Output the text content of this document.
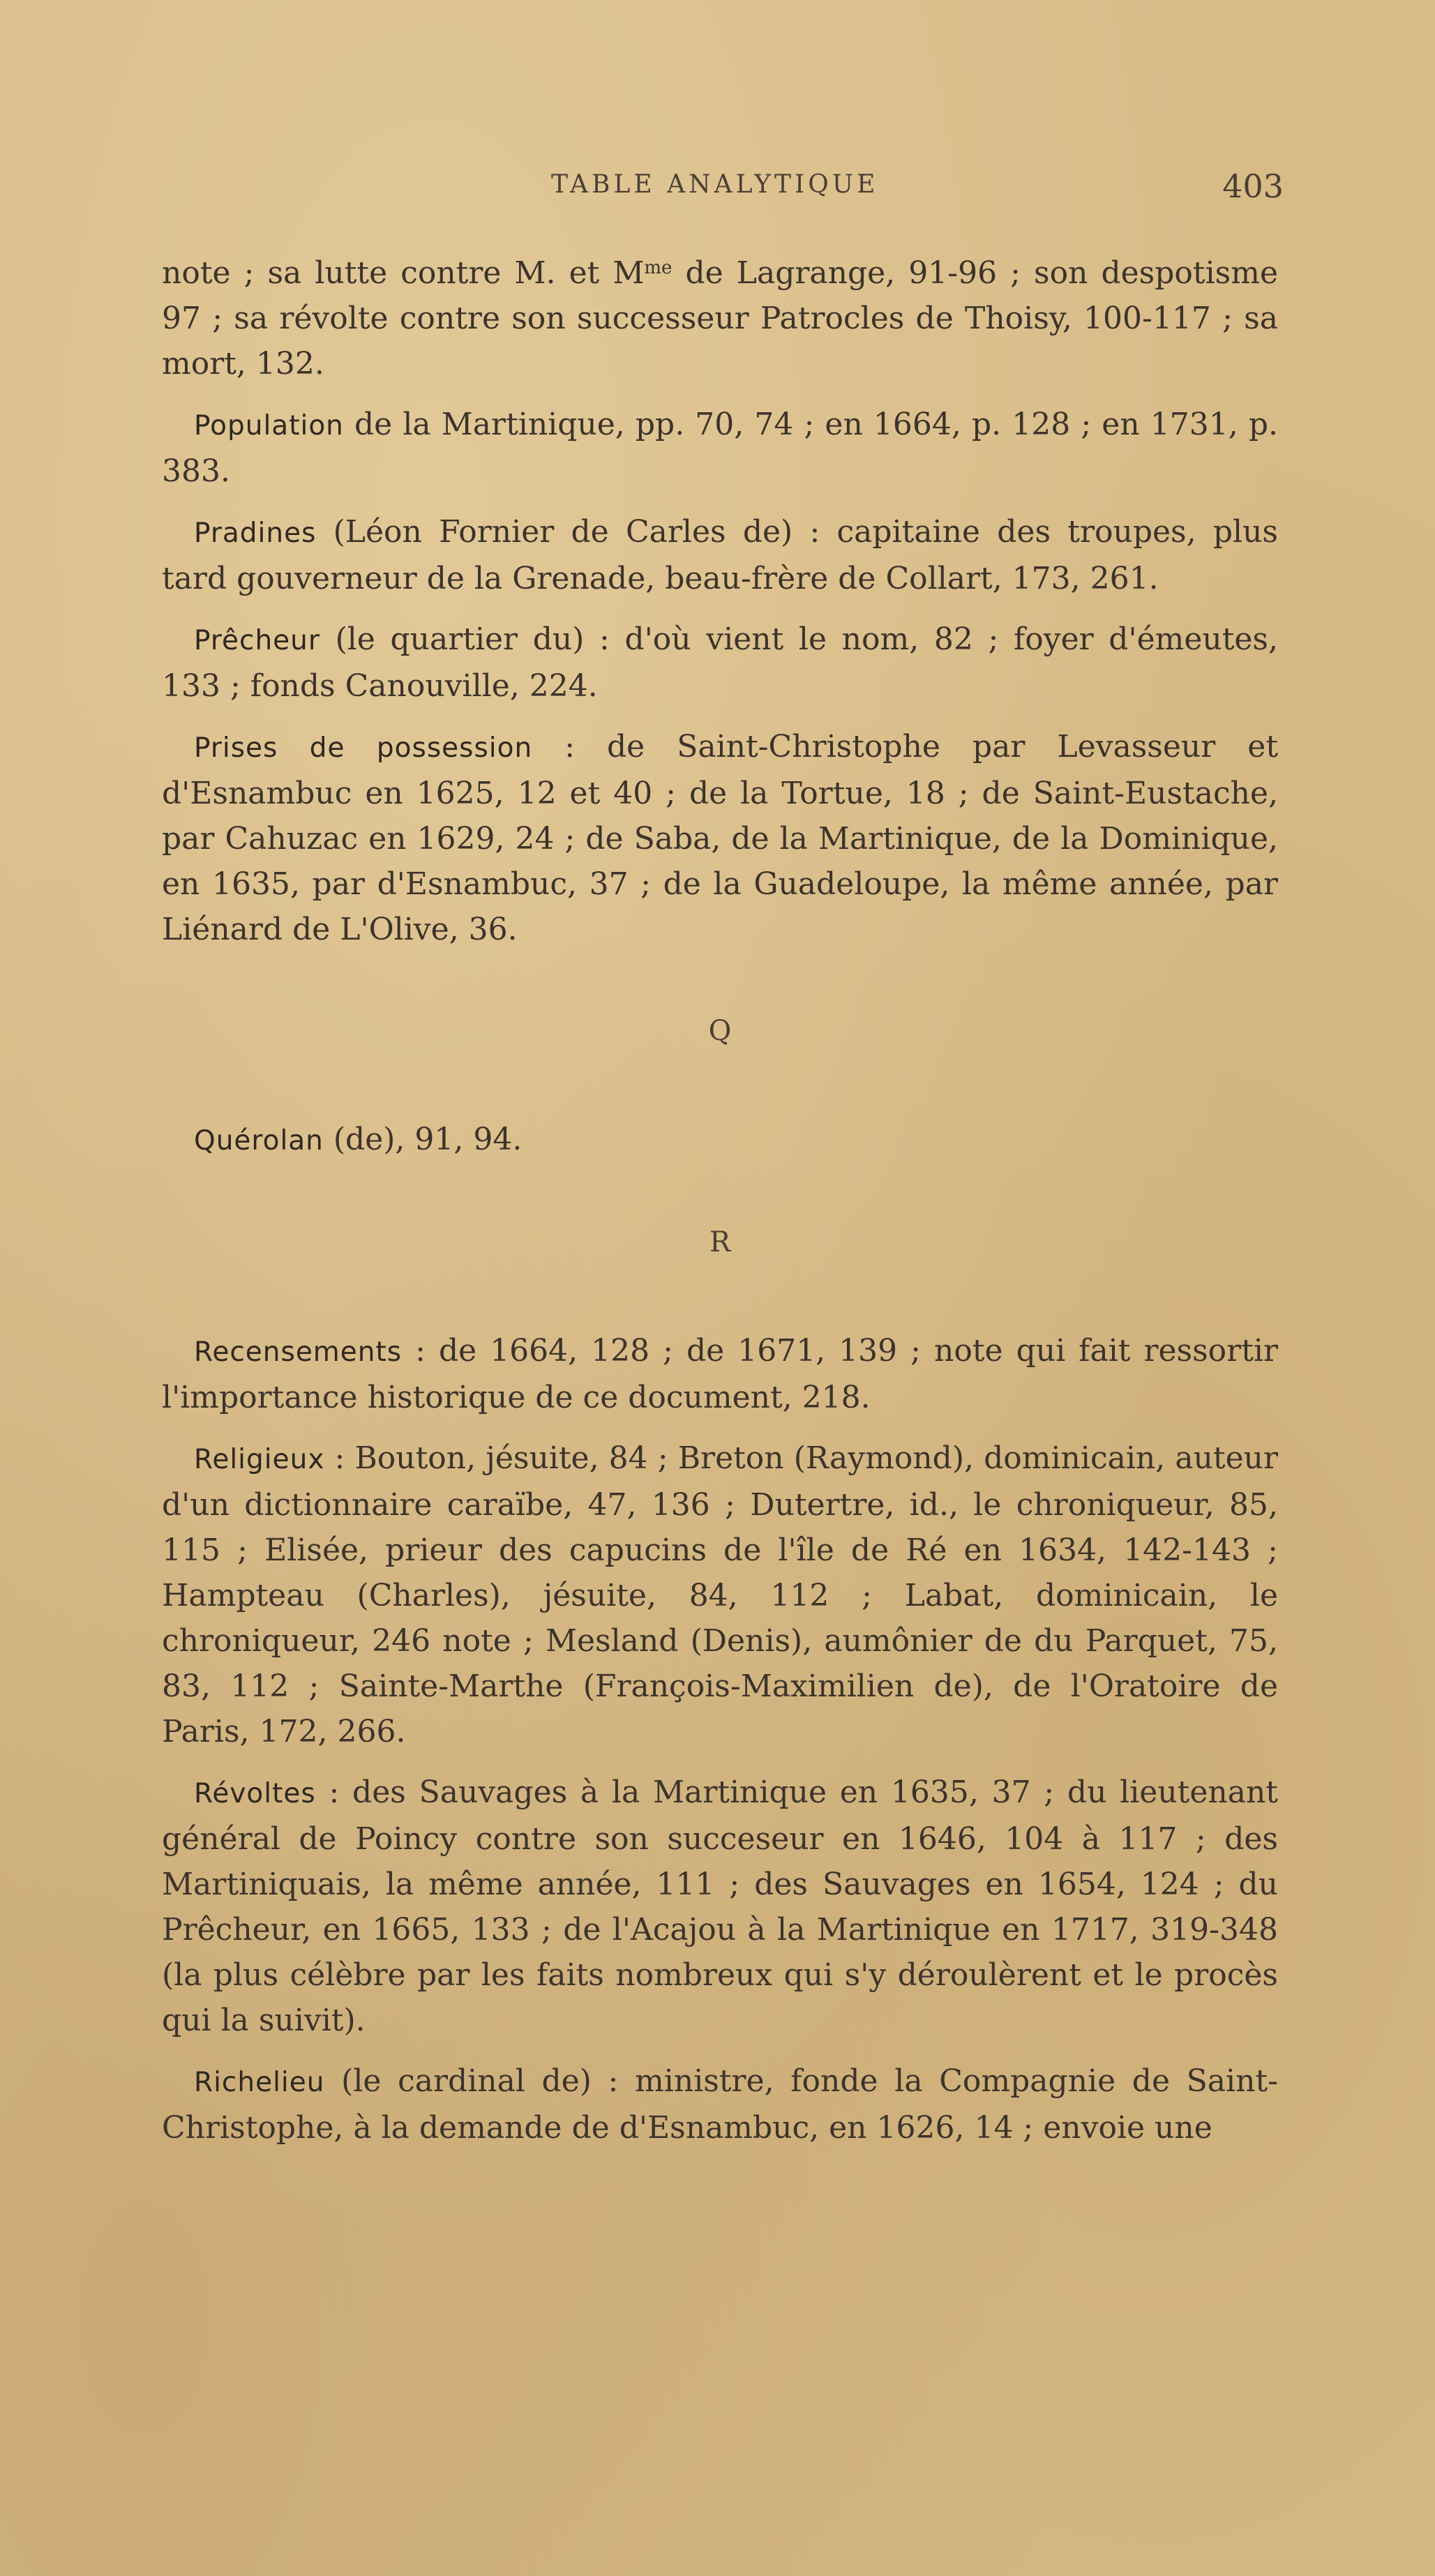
TABLE ANALYTIQUE	403

note ; sa lutte contre M. et $M^{me}$ de Lagrange, 91-96 ; son despotisme 97 ; sa révolte contre son successeur Patrocles de Thoisy, 100-117 ; sa mort, 132.

Population de la Martinique, pp. 70, 74 ; en 1664, p. 128 ; en 1731, p. 383.

Pradines (Léon Fornier de Carles de) : capitaine des troupes, plus tard gouverneur de la Grenade, beau-frère de Collart, 173, 261.

Prêcheur (le quartier du) : d'où vient le nom, 82 ; foyer d'émeutes, 133 ; fonds Canouville, 224.

Prises de possession : de Saint-Christophe par Levasseur et d'Esnambuc en 1625, 12 et 40 ; de la Tortue, 18 ; de Saint-Eustache, par Cahuzac en 1629, 24 ; de Saba, de la Martinique, de la Dominique, en 1635, par d'Esnambuc, 37 ; de la Guadeloupe, la même année, par Liénard de L'Olive, 36.

Q

Quérolan (de), 91, 94.

R

Recensements : de 1664, 128 ; de 1671, 139 ; note qui fait ressortir l'importance historique de ce document, 218.

Religieux : Bouton, jésuite, 84 ; Breton (Raymond), dominicain, auteur d'un dictionnaire caraïbe, 47, 136 ; Dutertre, id., le chroniqueur, 85, 115 ; Elisée, prieur des capucins de l'île de Ré en 1634, 142-143 ; Hampteau (Charles), jésuite, 84, 112 ; Labat, dominicain, le chroniqueur, 246 note ; Mesland (Denis), aumônier de du Parquet, 75, 83, 112 ; Sainte-Marthe (François-Maximilien de), de l'Oratoire de Paris, 172, 266.

Révoltes : des Sauvages à la Martinique en 1635, 37 ; du lieutenant général de Poincy contre son succeseur en 1646, 104 à 117 ; des Martiniquais, la même année, 111 ; des Sauvages en 1654, 124 ; du Prêcheur, en 1665, 133 ; de l'Acajou à la Martinique en 1717, 319-348 (la plus célèbre par les faits nombreux qui s'y déroulèrent et le procès qui la suivit).

Richelieu (le cardinal de) : ministre, fonde la Compagnie de Saint-Christophe, à la demande de d'Esnambuc, en 1626, 14 ; envoie une
